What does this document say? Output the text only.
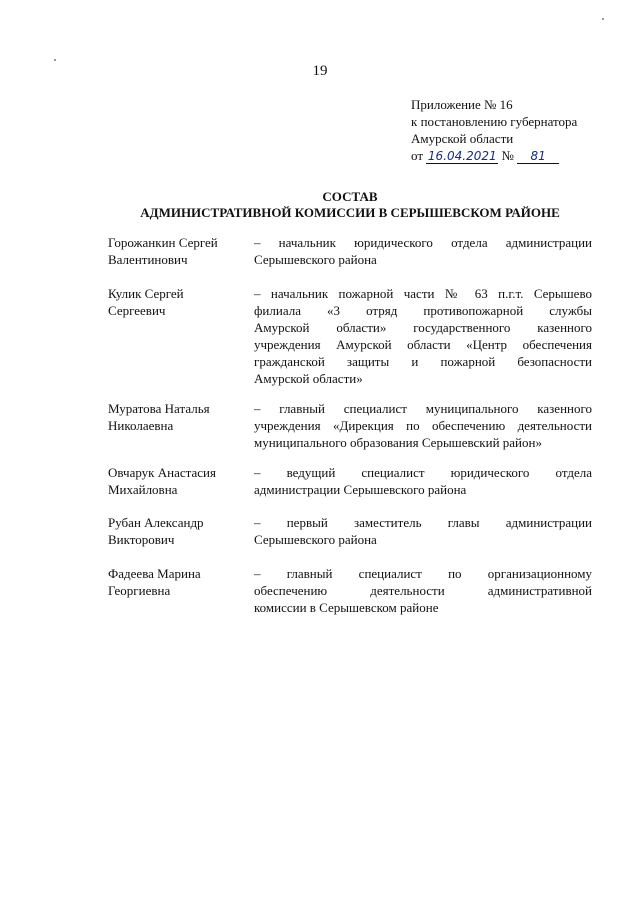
19
Приложение № 16
к постановлению губернатора
Амурской области
от 16.04.2021 № 81
СОСТАВ
АДМИНИСТРАТИВНОЙ КОМИССИИ В СЕРЫШЕВСКОМ РАЙОНЕ
Горожанкин Сергей
Валентинович
– начальник юридического отдела администрации
Серышевского района
Кулик Сергей
Сергеевич
– начальник пожарной части № 63 п.г.т. Серышево
филиала «3 отряд противопожарной службы
Амурской области» государственного казенного
учреждения Амурской области «Центр обеспечения
гражданской защиты и пожарной безопасности
Амурской области»
Муратова Наталья
Николаевна
– главный специалист муниципального казенного
учреждения «Дирекция по обеспечению деятельности
муниципального образования Серышевский район»
Овчарук Анастасия
Михайловна
– ведущий специалист юридического отдела
администрации Серышевского района
Рубан Александр
Викторович
– первый заместитель главы администрации
Серышевского района
Фадеева Марина
Георгиевна
– главный специалист по организационному
обеспечению деятельности административной
комиссии в Серышевском районе
